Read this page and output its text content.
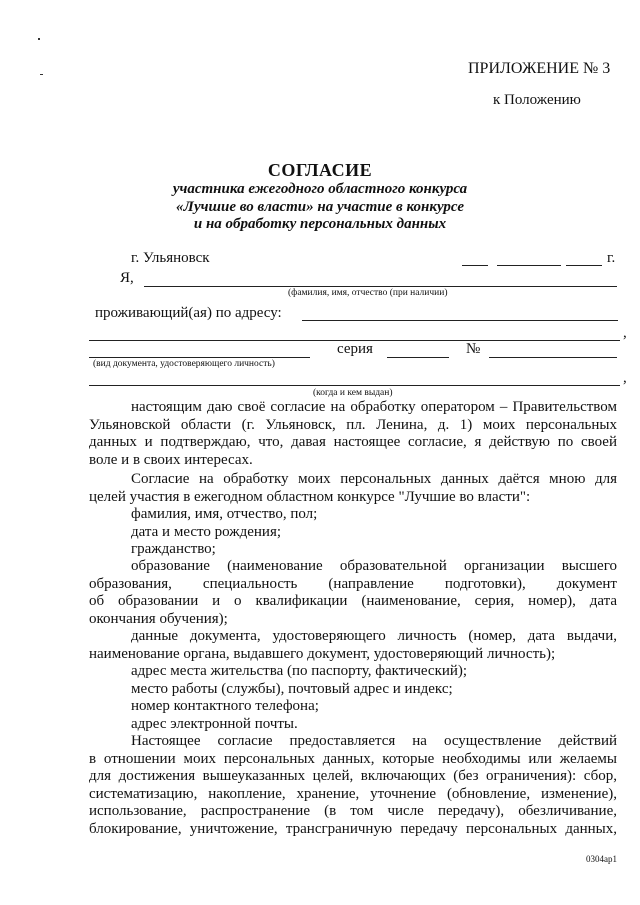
ПРИЛОЖЕНИЕ № 3
к Положению
СОГЛАСИЕ
участника ежегодного областного конкурса
«Лучшие во власти» на участие в конкурсе
и на обработку персональных данных
г. Ульяновск	г.
Я,
(фамилия, имя, отчество (при наличии)
проживающий(ая) по адресу:
,
серия	№
(вид документа, удостоверяющего личность)
,
(когда и кем выдан)
настоящим даю своё согласие на обработку оператором – Правительством
Ульяновской области (г. Ульяновск, пл. Ленина, д. 1) моих персональных
данных и подтверждаю, что, давая настоящее согласие, я действую по своей
воле и в своих интересах.
Согласие на обработку моих персональных данных даётся мною для
целей участия в ежегодном областном конкурсе "Лучшие во власти":
фамилия, имя, отчество, пол;
дата и место рождения;
гражданство;
образование (наименование образовательной организации высшего
образования, специальность (направление подготовки), документ
об образовании и о квалификации (наименование, серия, номер), дата
окончания обучения);
данные документа, удостоверяющего личность (номер, дата выдачи,
наименование органа, выдавшего документ, удостоверяющий личность);
адрес места жительства (по паспорту, фактический);
место работы (службы), почтовый адрес и индекс;
номер контактного телефона;
адрес электронной почты.
Настоящее согласие предоставляется на осуществление действий
в отношении моих персональных данных, которые необходимы или желаемы
для достижения вышеуказанных целей, включающих (без ограничения): сбор,
систематизацию, накопление, хранение, уточнение (обновление, изменение),
использование, распространение (в том числе передачу), обезличивание,
блокирование, уничтожение, трансграничную передачу персональных данных,
0304ap1
